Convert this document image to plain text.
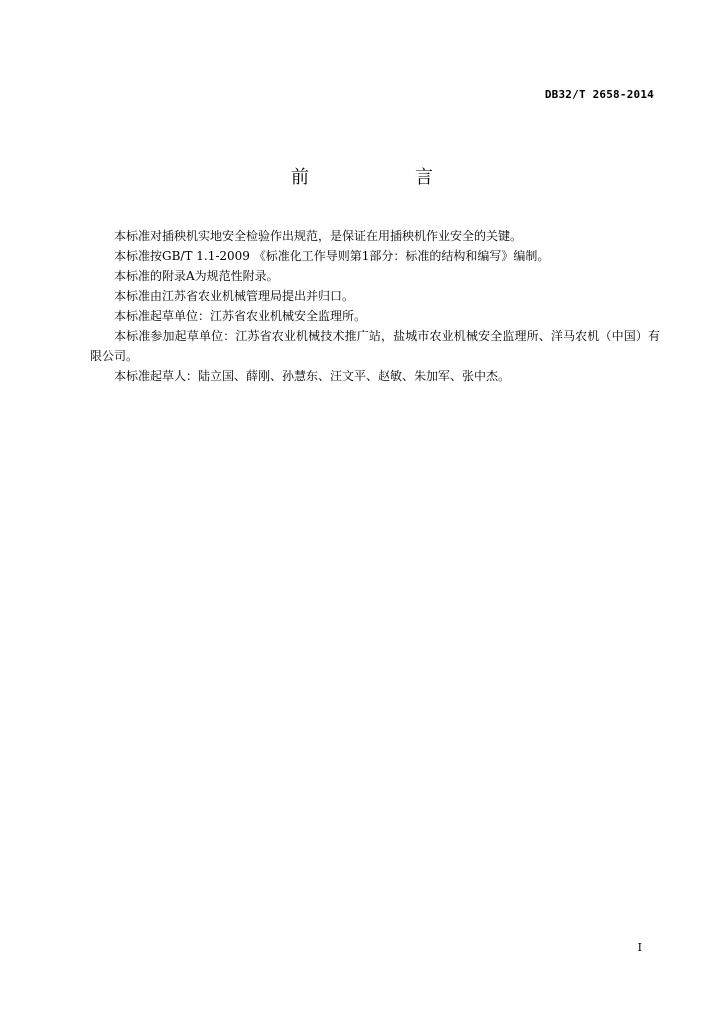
DB32/T 2658-2014
前　言

本标准对插秧机实地安全检验作出规范，是保证在用插秧机作业安全的关键。

本标准按GB/T 1.1-2009 《标准化工作导则第1部分：标准的结构和编写》编制。

本标准的附录A为规范性附录。

本标准由江苏省农业机械管理局提出并归口。

本标准起草单位：江苏省农业机械安全监理所。

本标准参加起草单位：江苏省农业机械技术推广站，盐城市农业机械安全监理所、洋马农机（中国）有限公司。

本标准起草人：陆立国、薛刚、孙慧东、汪文平、赵敏、朱加军、张中杰。

I
